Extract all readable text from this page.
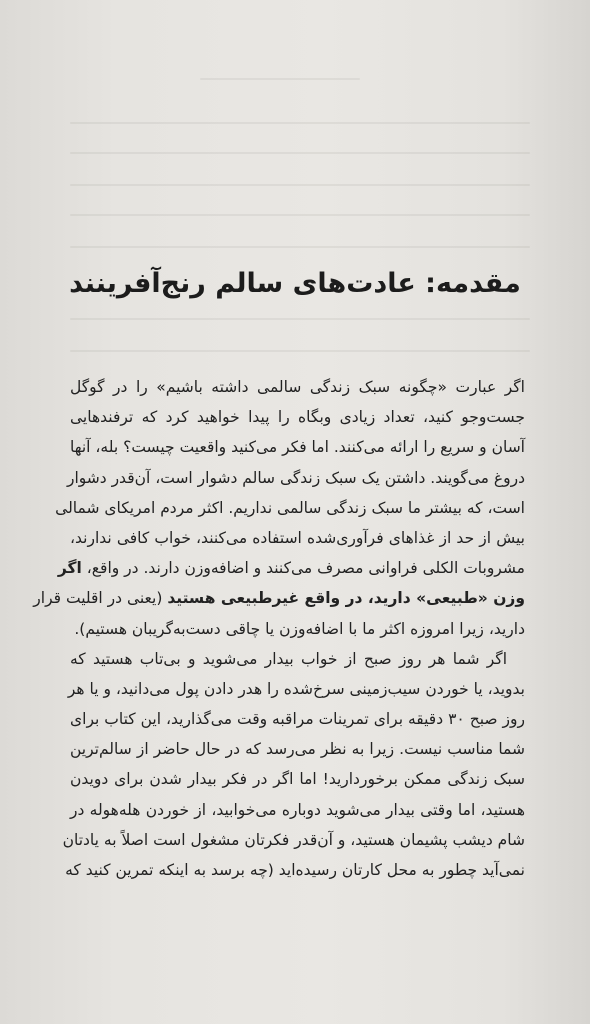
مقدمه: عادت‌های سالم رنج‌آفرینند
اگر عبارت «چگونه سبک زندگی سالمی داشته باشیم» را در گوگل
جست‌وجو کنید، تعداد زیادی وبگاه را پیدا خواهید کرد که ترفندهایی
آسان و سریع را ارائه می‌کنند. اما فکر می‌کنید واقعیت چیست؟ بله، آنها
دروغ می‌گویند. داشتن یک سبک زندگی سالم دشوار است، آن‌قدر دشوار
است، که بیشتر ما سبک زندگی سالمی نداریم. اکثر مردم امریکای شمالی
بیش از حد از غذاهای فرآوری‌شده استفاده می‌کنند، خواب کافی ندارند،
مشروبات الکلی فراوانی مصرف می‌کنند و اضافه‌وزن دارند. در واقع، اگر
وزن «طبیعی» دارید، در واقع غیرطبیعی هستید (یعنی در اقلیت قرار
دارید، زیرا امروزه اکثر ما با اضافه‌وزن یا چاقی دست‌به‌گریبان هستیم).
اگر شما هر روز صبح از خواب بیدار می‌شوید و بی‌تاب هستید که
بدوید، یا خوردن سیب‌زمینی سرخ‌شده را هدر دادن پول می‌دانید، و یا هر
روز صبح ۳۰ دقیقه برای تمرینات مراقبه وقت می‌گذارید، این کتاب برای
شما مناسب نیست. زیرا به نظر می‌رسد که در حال حاضر از سالم‌ترین
سبک زندگی ممکن برخوردارید! اما اگر در فکر بیدار شدن برای دویدن
هستید، اما وقتی بیدار می‌شوید دوباره می‌خوابید، از خوردن هله‌هوله در
شام دیشب پشیمان هستید، و آن‌قدر فکرتان مشغول است اصلاً به یادتان
نمی‌آید چطور به محل کارتان رسیده‌اید (چه برسد به اینکه تمرین کنید که
